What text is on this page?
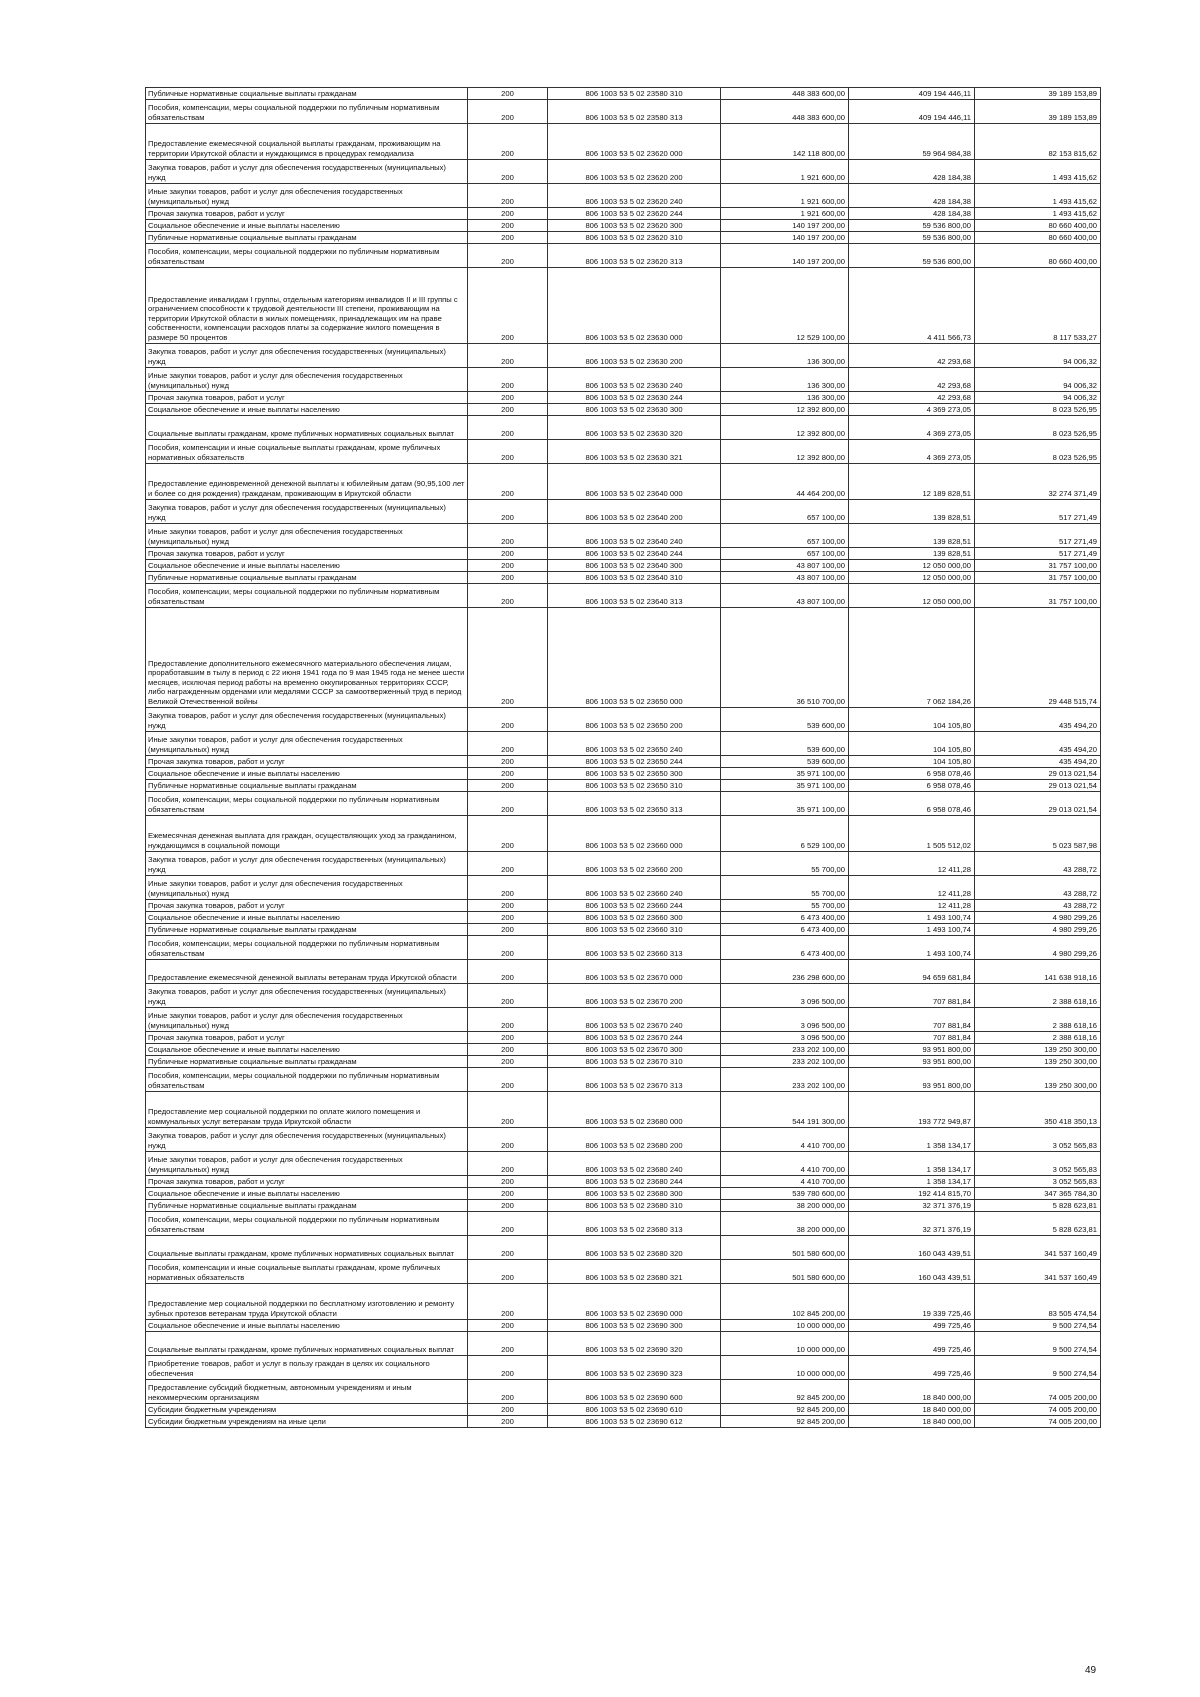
Публичные нормативные социальные выплаты гражданам	200	806 1003 53 5 02 23580 310	448 383 600,00	409 194 446,11	39 189 153,89
Пособия, компенсации, меры социальной поддержки по публичным нормативным обязательствам	200	806 1003 53 5 02 23580 313	448 383 600,00	409 194 446,11	39 189 153,89
Предоставление ежемесячной социальной выплаты гражданам, проживающим на территории Иркутской области и нуждающимся в процедурах гемодиализа	200	806 1003 53 5 02 23620 000	142 118 800,00	59 964 984,38	82 153 815,62
Закупка товаров, работ и услуг для обеспечения государственных (муниципальных) нужд	200	806 1003 53 5 02 23620 200	1 921 600,00	428 184,38	1 493 415,62
Иные закупки товаров, работ и услуг для обеспечения государственных (муниципальных) нужд	200	806 1003 53 5 02 23620 240	1 921 600,00	428 184,38	1 493 415,62
Прочая закупка товаров, работ и услуг	200	806 1003 53 5 02 23620 244	1 921 600,00	428 184,38	1 493 415,62
Социальное обеспечение и иные выплаты населению	200	806 1003 53 5 02 23620 300	140 197 200,00	59 536 800,00	80 660 400,00
Публичные нормативные социальные выплаты гражданам	200	806 1003 53 5 02 23620 310	140 197 200,00	59 536 800,00	80 660 400,00
Пособия, компенсации, меры социальной поддержки по публичным нормативным обязательствам	200	806 1003 53 5 02 23620 313	140 197 200,00	59 536 800,00	80 660 400,00
Предоставление инвалидам I группы, отдельным категориям инвалидов II и III группы с ограничением способности к трудовой деятельности III степени, проживающим на территории Иркутской области в жилых помещениях, принадлежащих им на праве собственности, компенсации расходов платы за содержание жилого помещения в размере 50 процентов	200	806 1003 53 5 02 23630 000	12 529 100,00	4 411 566,73	8 117 533,27
Закупка товаров, работ и услуг для обеспечения государственных (муниципальных) нужд	200	806 1003 53 5 02 23630 200	136 300,00	42 293,68	94 006,32
Иные закупки товаров, работ и услуг для обеспечения государственных (муниципальных) нужд	200	806 1003 53 5 02 23630 240	136 300,00	42 293,68	94 006,32
Прочая закупка товаров, работ и услуг	200	806 1003 53 5 02 23630 244	136 300,00	42 293,68	94 006,32
Социальное обеспечение и иные выплаты населению	200	806 1003 53 5 02 23630 300	12 392 800,00	4 369 273,05	8 023 526,95
Социальные выплаты гражданам, кроме публичных нормативных социальных выплат	200	806 1003 53 5 02 23630 320	12 392 800,00	4 369 273,05	8 023 526,95
Пособия, компенсации и иные социальные выплаты гражданам, кроме публичных нормативных обязательств	200	806 1003 53 5 02 23630 321	12 392 800,00	4 369 273,05	8 023 526,95
Предоставление единовременной денежной выплаты к юбилейным датам (90,95,100 лет и более со дня рождения) гражданам, проживающим в Иркутской области	200	806 1003 53 5 02 23640 000	44 464 200,00	12 189 828,51	32 274 371,49
Закупка товаров, работ и услуг для обеспечения государственных (муниципальных) нужд	200	806 1003 53 5 02 23640 200	657 100,00	139 828,51	517 271,49
Иные закупки товаров, работ и услуг для обеспечения государственных (муниципальных) нужд	200	806 1003 53 5 02 23640 240	657 100,00	139 828,51	517 271,49
Прочая закупка товаров, работ и услуг	200	806 1003 53 5 02 23640 244	657 100,00	139 828,51	517 271,49
Социальное обеспечение и иные выплаты населению	200	806 1003 53 5 02 23640 300	43 807 100,00	12 050 000,00	31 757 100,00
Публичные нормативные социальные выплаты гражданам	200	806 1003 53 5 02 23640 310	43 807 100,00	12 050 000,00	31 757 100,00
Пособия, компенсации, меры социальной поддержки по публичным нормативным обязательствам	200	806 1003 53 5 02 23640 313	43 807 100,00	12 050 000,00	31 757 100,00
Предоставление дополнительного ежемесячного материального обеспечения лицам, проработавшим в тылу в период с 22 июня 1941 года по 9 мая 1945 года не менее шести месяцев, исключая период работы на временно оккупированных территориях СССР, либо награжденным орденами или медалями СССР за самоотверженный труд в период Великой Отечественной войны	200	806 1003 53 5 02 23650 000	36 510 700,00	7 062 184,26	29 448 515,74
Закупка товаров, работ и услуг для обеспечения государственных (муниципальных) нужд	200	806 1003 53 5 02 23650 200	539 600,00	104 105,80	435 494,20
Иные закупки товаров, работ и услуг для обеспечения государственных (муниципальных) нужд	200	806 1003 53 5 02 23650 240	539 600,00	104 105,80	435 494,20
Прочая закупка товаров, работ и услуг	200	806 1003 53 5 02 23650 244	539 600,00	104 105,80	435 494,20
Социальное обеспечение и иные выплаты населению	200	806 1003 53 5 02 23650 300	35 971 100,00	6 958 078,46	29 013 021,54
Публичные нормативные социальные выплаты гражданам	200	806 1003 53 5 02 23650 310	35 971 100,00	6 958 078,46	29 013 021,54
Пособия, компенсации, меры социальной поддержки по публичным нормативным обязательствам	200	806 1003 53 5 02 23650 313	35 971 100,00	6 958 078,46	29 013 021,54
Ежемесячная денежная выплата для граждан, осуществляющих уход за гражданином, нуждающимся в социальной помощи	200	806 1003 53 5 02 23660 000	6 529 100,00	1 505 512,02	5 023 587,98
Закупка товаров, работ и услуг для обеспечения государственных (муниципальных) нужд	200	806 1003 53 5 02 23660 200	55 700,00	12 411,28	43 288,72
Иные закупки товаров, работ и услуг для обеспечения государственных (муниципальных) нужд	200	806 1003 53 5 02 23660 240	55 700,00	12 411,28	43 288,72
Прочая закупка товаров, работ и услуг	200	806 1003 53 5 02 23660 244	55 700,00	12 411,28	43 288,72
Социальное обеспечение и иные выплаты населению	200	806 1003 53 5 02 23660 300	6 473 400,00	1 493 100,74	4 980 299,26
Публичные нормативные социальные выплаты гражданам	200	806 1003 53 5 02 23660 310	6 473 400,00	1 493 100,74	4 980 299,26
Пособия, компенсации, меры социальной поддержки по публичным нормативным обязательствам	200	806 1003 53 5 02 23660 313	6 473 400,00	1 493 100,74	4 980 299,26
Предоставление ежемесячной денежной выплаты ветеранам труда Иркутской области	200	806 1003 53 5 02 23670 000	236 298 600,00	94 659 681,84	141 638 918,16
Закупка товаров, работ и услуг для обеспечения государственных (муниципальных) нужд	200	806 1003 53 5 02 23670 200	3 096 500,00	707 881,84	2 388 618,16
Иные закупки товаров, работ и услуг для обеспечения государственных (муниципальных) нужд	200	806 1003 53 5 02 23670 240	3 096 500,00	707 881,84	2 388 618,16
Прочая закупка товаров, работ и услуг	200	806 1003 53 5 02 23670 244	3 096 500,00	707 881,84	2 388 618,16
Социальное обеспечение и иные выплаты населению	200	806 1003 53 5 02 23670 300	233 202 100,00	93 951 800,00	139 250 300,00
Публичные нормативные социальные выплаты гражданам	200	806 1003 53 5 02 23670 310	233 202 100,00	93 951 800,00	139 250 300,00
Пособия, компенсации, меры социальной поддержки по публичным нормативным обязательствам	200	806 1003 53 5 02 23670 313	233 202 100,00	93 951 800,00	139 250 300,00
Предоставление мер социальной поддержки по оплате жилого помещения и коммунальных услуг ветеранам труда Иркутской области	200	806 1003 53 5 02 23680 000	544 191 300,00	193 772 949,87	350 418 350,13
Закупка товаров, работ и услуг для обеспечения государственных (муниципальных) нужд	200	806 1003 53 5 02 23680 200	4 410 700,00	1 358 134,17	3 052 565,83
Иные закупки товаров, работ и услуг для обеспечения государственных (муниципальных) нужд	200	806 1003 53 5 02 23680 240	4 410 700,00	1 358 134,17	3 052 565,83
Прочая закупка товаров, работ и услуг	200	806 1003 53 5 02 23680 244	4 410 700,00	1 358 134,17	3 052 565,83
Социальное обеспечение и иные выплаты населению	200	806 1003 53 5 02 23680 300	539 780 600,00	192 414 815,70	347 365 784,30
Публичные нормативные социальные выплаты гражданам	200	806 1003 53 5 02 23680 310	38 200 000,00	32 371 376,19	5 828 623,81
Пособия, компенсации, меры социальной поддержки по публичным нормативным обязательствам	200	806 1003 53 5 02 23680 313	38 200 000,00	32 371 376,19	5 828 623,81
Социальные выплаты гражданам, кроме публичных нормативных социальных выплат	200	806 1003 53 5 02 23680 320	501 580 600,00	160 043 439,51	341 537 160,49
Пособия, компенсации и иные социальные выплаты гражданам, кроме публичных нормативных обязательств	200	806 1003 53 5 02 23680 321	501 580 600,00	160 043 439,51	341 537 160,49
Предоставление мер социальной поддержки по бесплатному изготовлению и ремонту зубных протезов ветеранам труда Иркутской области	200	806 1003 53 5 02 23690 000	102 845 200,00	19 339 725,46	83 505 474,54
Социальное обеспечение и иные выплаты населению	200	806 1003 53 5 02 23690 300	10 000 000,00	499 725,46	9 500 274,54
Социальные выплаты гражданам, кроме публичных нормативных социальных выплат	200	806 1003 53 5 02 23690 320	10 000 000,00	499 725,46	9 500 274,54
Приобретение товаров, работ и услуг в пользу граждан в целях их социального обеспечения	200	806 1003 53 5 02 23690 323	10 000 000,00	499 725,46	9 500 274,54
Предоставление субсидий бюджетным, автономным учреждениям и иным некоммерческим организациям	200	806 1003 53 5 02 23690 600	92 845 200,00	18 840 000,00	74 005 200,00
Субсидии бюджетным учреждениям	200	806 1003 53 5 02 23690 610	92 845 200,00	18 840 000,00	74 005 200,00
Субсидии бюджетным учреждениям на иные цели	200	806 1003 53 5 02 23690 612	92 845 200,00	18 840 000,00	74 005 200,00
49
